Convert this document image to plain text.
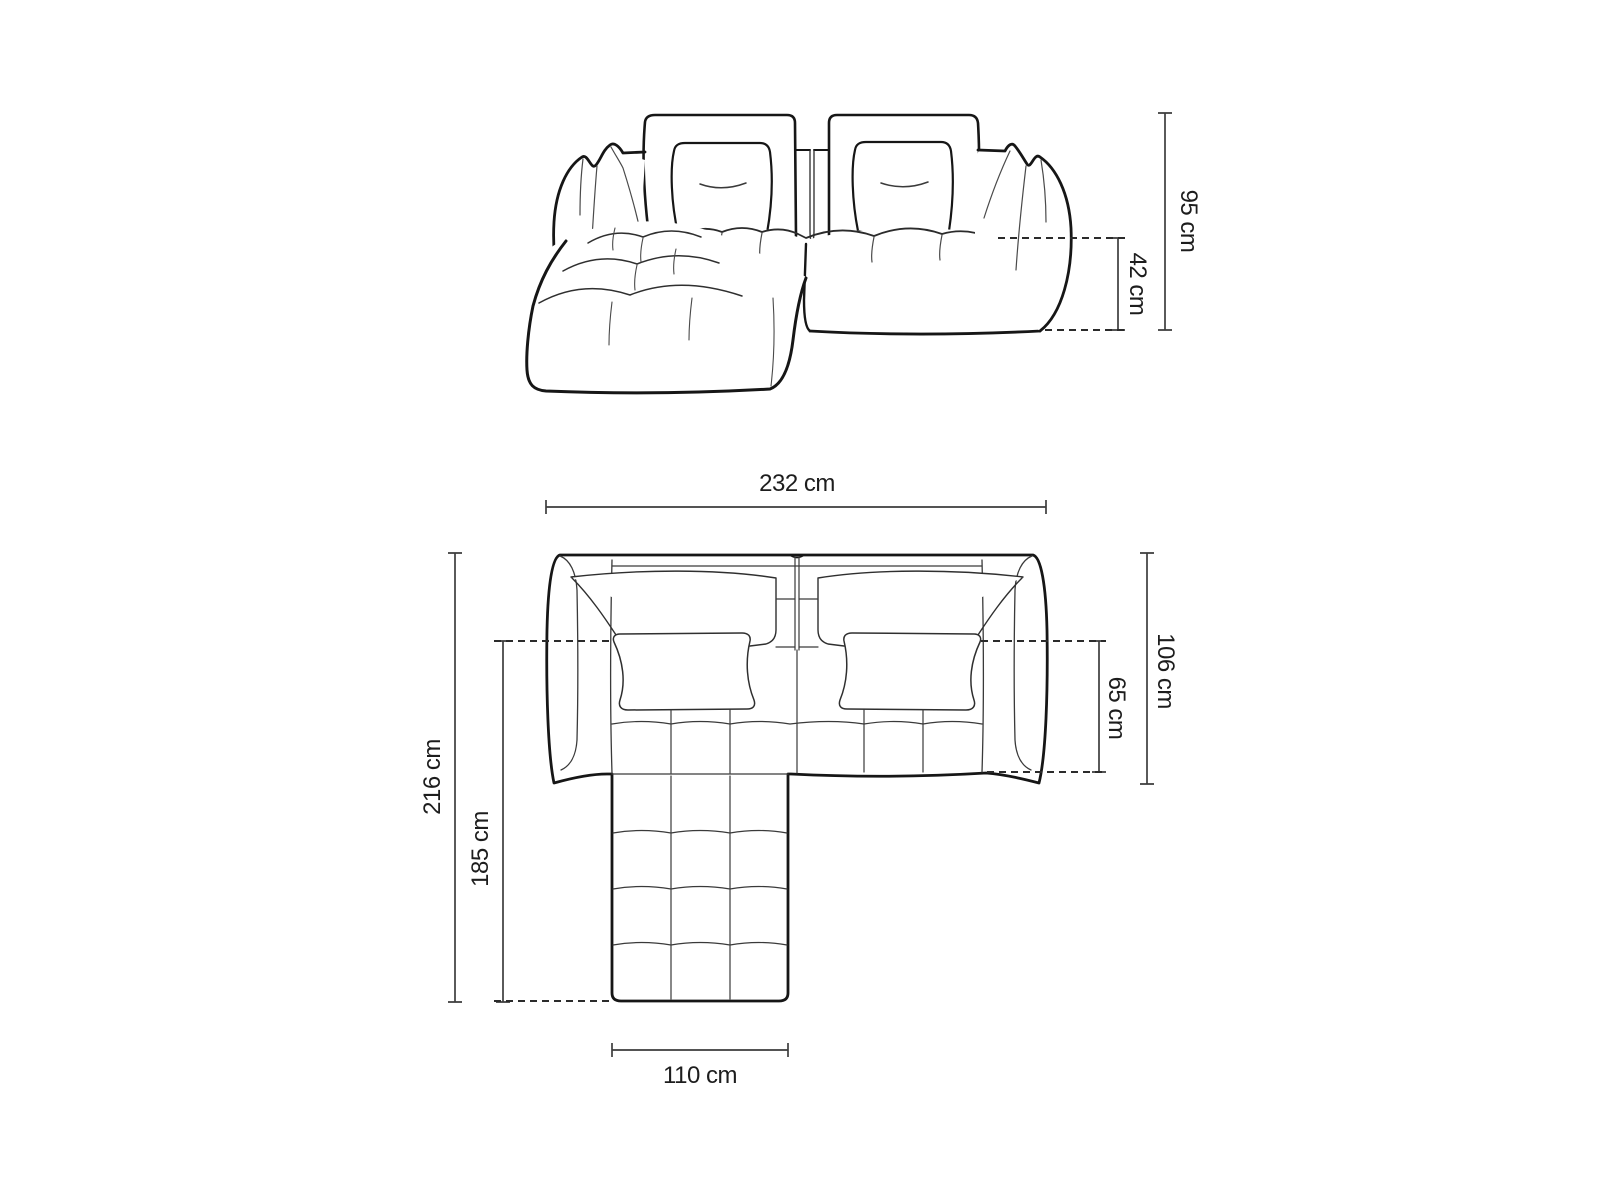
95 cm
42 cm
232 cm
216 cm
185 cm
106 cm
65 cm
110 cm
